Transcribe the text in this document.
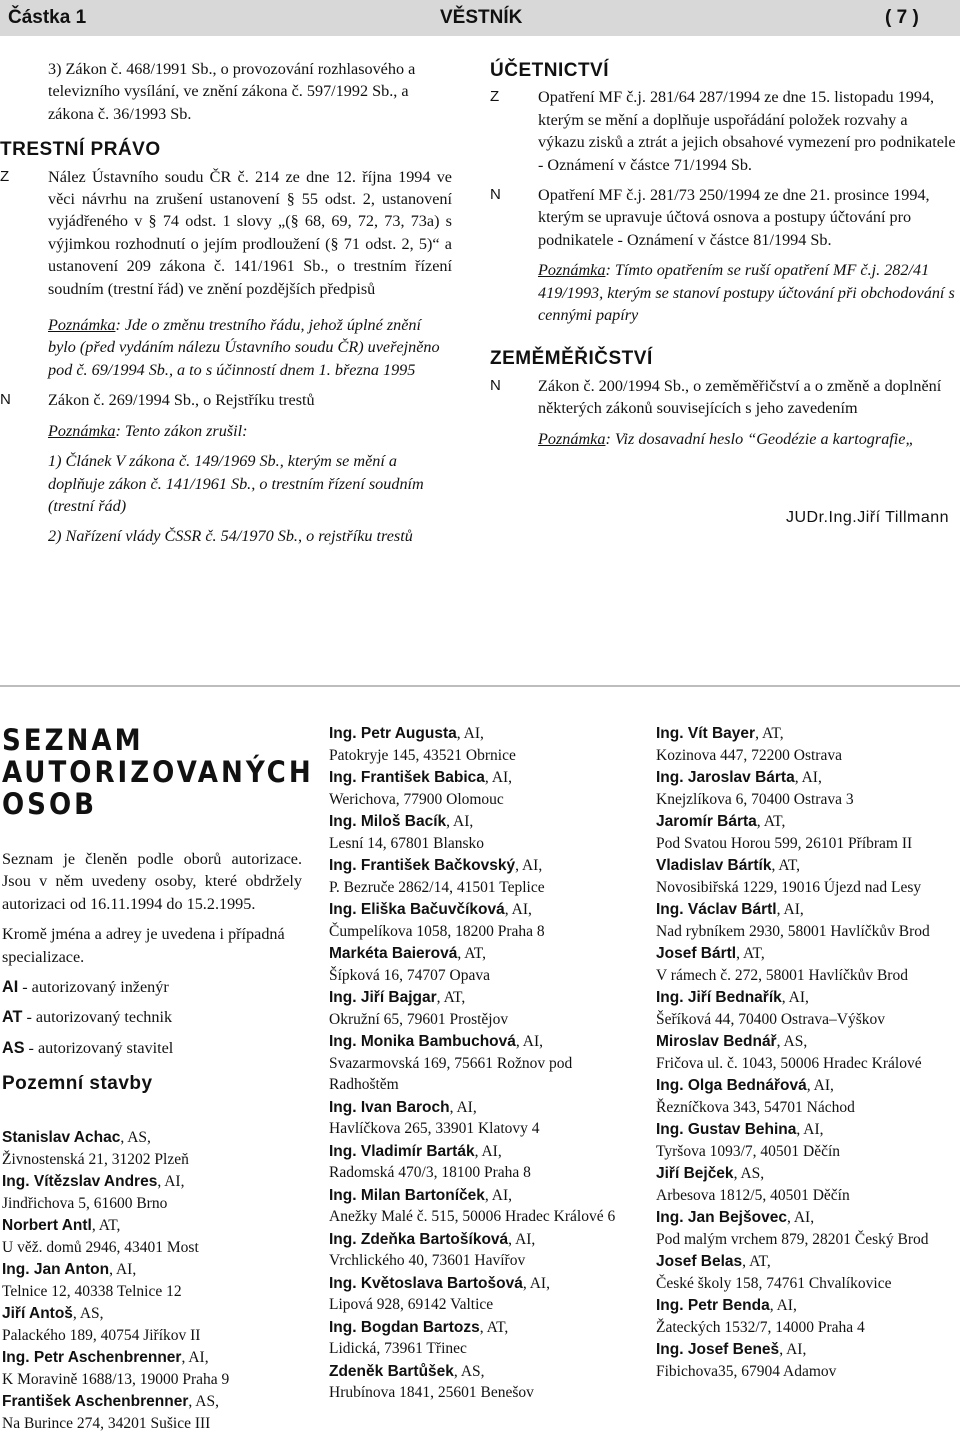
Částka 1	VĚSTNÍK	( 7 )
3) Zákon č. 468/1991 Sb., o provozování rozhlasového a televizního vysílání, ve znění zákona č. 597/1992 Sb., a zákona č. 36/1993 Sb.
TRESTNÍ PRÁVO
Z Nález Ústavního soudu ČR č. 214 ze dne 12. října 1994 ve věci návrhu na zrušení ustanovení § 55 odst. 2, ustanovení vyjádřeného v § 74 odst. 1 slovy „(§ 68, 69, 72, 73, 73a) s výjimkou rozhodnutí o jejím prodloužení (§ 71 odst. 2, 5)“ a ustanovení 209 zákona č. 141/1961 Sb., o trestním řízení soudním (trestní řád) ve znění pozdějších předpisů
Poznámka: Jde o změnu trestního řádu, jehož úplné znění bylo (před vydáním nálezu Ústavního soudu ČR) uveřejněno pod č. 69/1994 Sb., a to s účinností dnem 1. března 1995
N Zákon č. 269/1994 Sb., o Rejstříku trestů
Poznámka: Tento zákon zrušil:
1) Článek V zákona č. 149/1969 Sb., kterým se mění a doplňuje zákon č. 141/1961 Sb., o trestním řízení soudním (trestní řád)
2) Nařízení vlády ČSSR č. 54/1970 Sb., o rejstříku trestů
ÚČETNICTVÍ
Z Opatření MF č.j. 281/64 287/1994 ze dne 15. listopadu 1994, kterým se mění a doplňuje uspořádání položek rozvahy a výkazu zisků a ztrát a jejich obsahové vymezení pro podnikatele - Oznámení v částce 71/1994 Sb.
N Opatření MF č.j. 281/73 250/1994 ze dne 21. prosince 1994, kterým se upravuje účtová osnova a postupy účtování pro podnikatele - Oznámení v částce 81/1994 Sb.
Poznámka: Tímto opatřením se ruší opatření MF č.j. 282/41 419/1993, kterým se stanoví postupy účtování při obchodování s cennými papíry
ZEMĚMĚŘIČSTVÍ
N Zákon č. 200/1994 Sb., o zeměměřičství a o změně a doplnění některých zákonů souvisejících s jeho zavedením
Poznámka: Viz dosavadní heslo “Geodézie a kartografie„
JUDr.Ing.Jiří Tillmann
SEZNAM
AUTORIZOVANÝCH
OSOB
Seznam je členěn podle oborů autorizace. Jsou v něm uvedeny osoby, které obdržely autorizaci od 16.11.1994 do 15.2.1995.
Kromě jména a adrey je uvedena i případná specializace.
AI - autorizovaný inženýr
AT - autorizovaný technik
AS - autorizovaný stavitel
Pozemní stavby
Stanislav Achac, AS,
Živnostenská 21, 31202 Plzeň
Ing. Vítězslav Andres, AI,
Jindřichova 5, 61600 Brno
Norbert Antl, AT,
U věž. domů 2946, 43401 Most
Ing. Jan Anton, AI,
Telnice 12, 40338 Telnice 12
Jiří Antoš, AS,
Palackého 189, 40754 Jiříkov II
Ing. Petr Aschenbrenner, AI,
K Moravině 1688/13, 19000 Praha 9
František Aschenbrenner, AS,
Na Burince 274, 34201 Sušice III
Ing. Petr Augusta, AI,
Patokryje 145, 43521 Obrnice
Ing. František Babica, AI,
Werichova, 77900 Olomouc
Ing. Miloš Bacík, AI,
Lesní 14, 67801 Blansko
Ing. František Bačkovský, AI,
P. Bezruče 2862/14, 41501 Teplice
Ing. Eliška Bačuvčíková, AI,
Čumpelíkova 1058, 18200 Praha 8
Markéta Baierová, AT,
Šípková 16, 74707 Opava
Ing. Jiří Bajgar, AT,
Okružní 65, 79601 Prostějov
Ing. Monika Bambuchová, AI,
Svazarmovská 169, 75661 Rožnov pod Radhoštěm
Ing. Ivan Baroch, AI,
Havlíčkova 265, 33901 Klatovy 4
Ing. Vladimír Barták, AI,
Radomská 470/3, 18100 Praha 8
Ing. Milan Bartoníček, AI,
Anežky Malé č. 515, 50006 Hradec Králové 6
Ing. Zdeňka Bartošíková, AI,
Vrchlického 40, 73601 Havířov
Ing. Květoslava Bartošová, AI,
Lipová 928, 69142 Valtice
Ing. Bogdan Bartozs, AT,
Lidická, 73961 Třinec
Zdeněk Bartůšek, AS,
Hrubínova 1841, 25601 Benešov
Ing. Vít Bayer, AT,
Kozinova 447, 72200 Ostrava
Ing. Jaroslav Bárta, AI,
Knejzlíkova 6, 70400 Ostrava 3
Jaromír Bárta, AT,
Pod Svatou Horou 599, 26101 Příbram II
Vladislav Bártík, AT,
Novosibiřská 1229, 19016 Újezd nad Lesy
Ing. Václav Bártl, AI,
Nad rybníkem 2930, 58001 Havlíčkův Brod
Josef Bártl, AT,
V rámech č. 272, 58001 Havlíčkův Brod
Ing. Jiří Bednařík, AI,
Šeříková 44, 70400 Ostrava–Výškov
Miroslav Bednář, AS,
Fričova ul. č. 1043, 50006 Hradec Králové
Ing. Olga Bednářová, AI,
Řezníčkova 343, 54701 Náchod
Ing. Gustav Behina, AI,
Tyršova 1093/7, 40501 Děčín
Jiří Bejček, AS,
Arbesova 1812/5, 40501 Děčín
Ing. Jan Bejšovec, AI,
Pod malým vrchem 879, 28201 Český Brod
Josef Belas, AT,
České školy 158, 74761 Chvalíkovice
Ing. Petr Benda, AI,
Žateckých 1532/7, 14000 Praha 4
Ing. Josef Beneš, AI,
Fibichova35, 67904 Adamov
